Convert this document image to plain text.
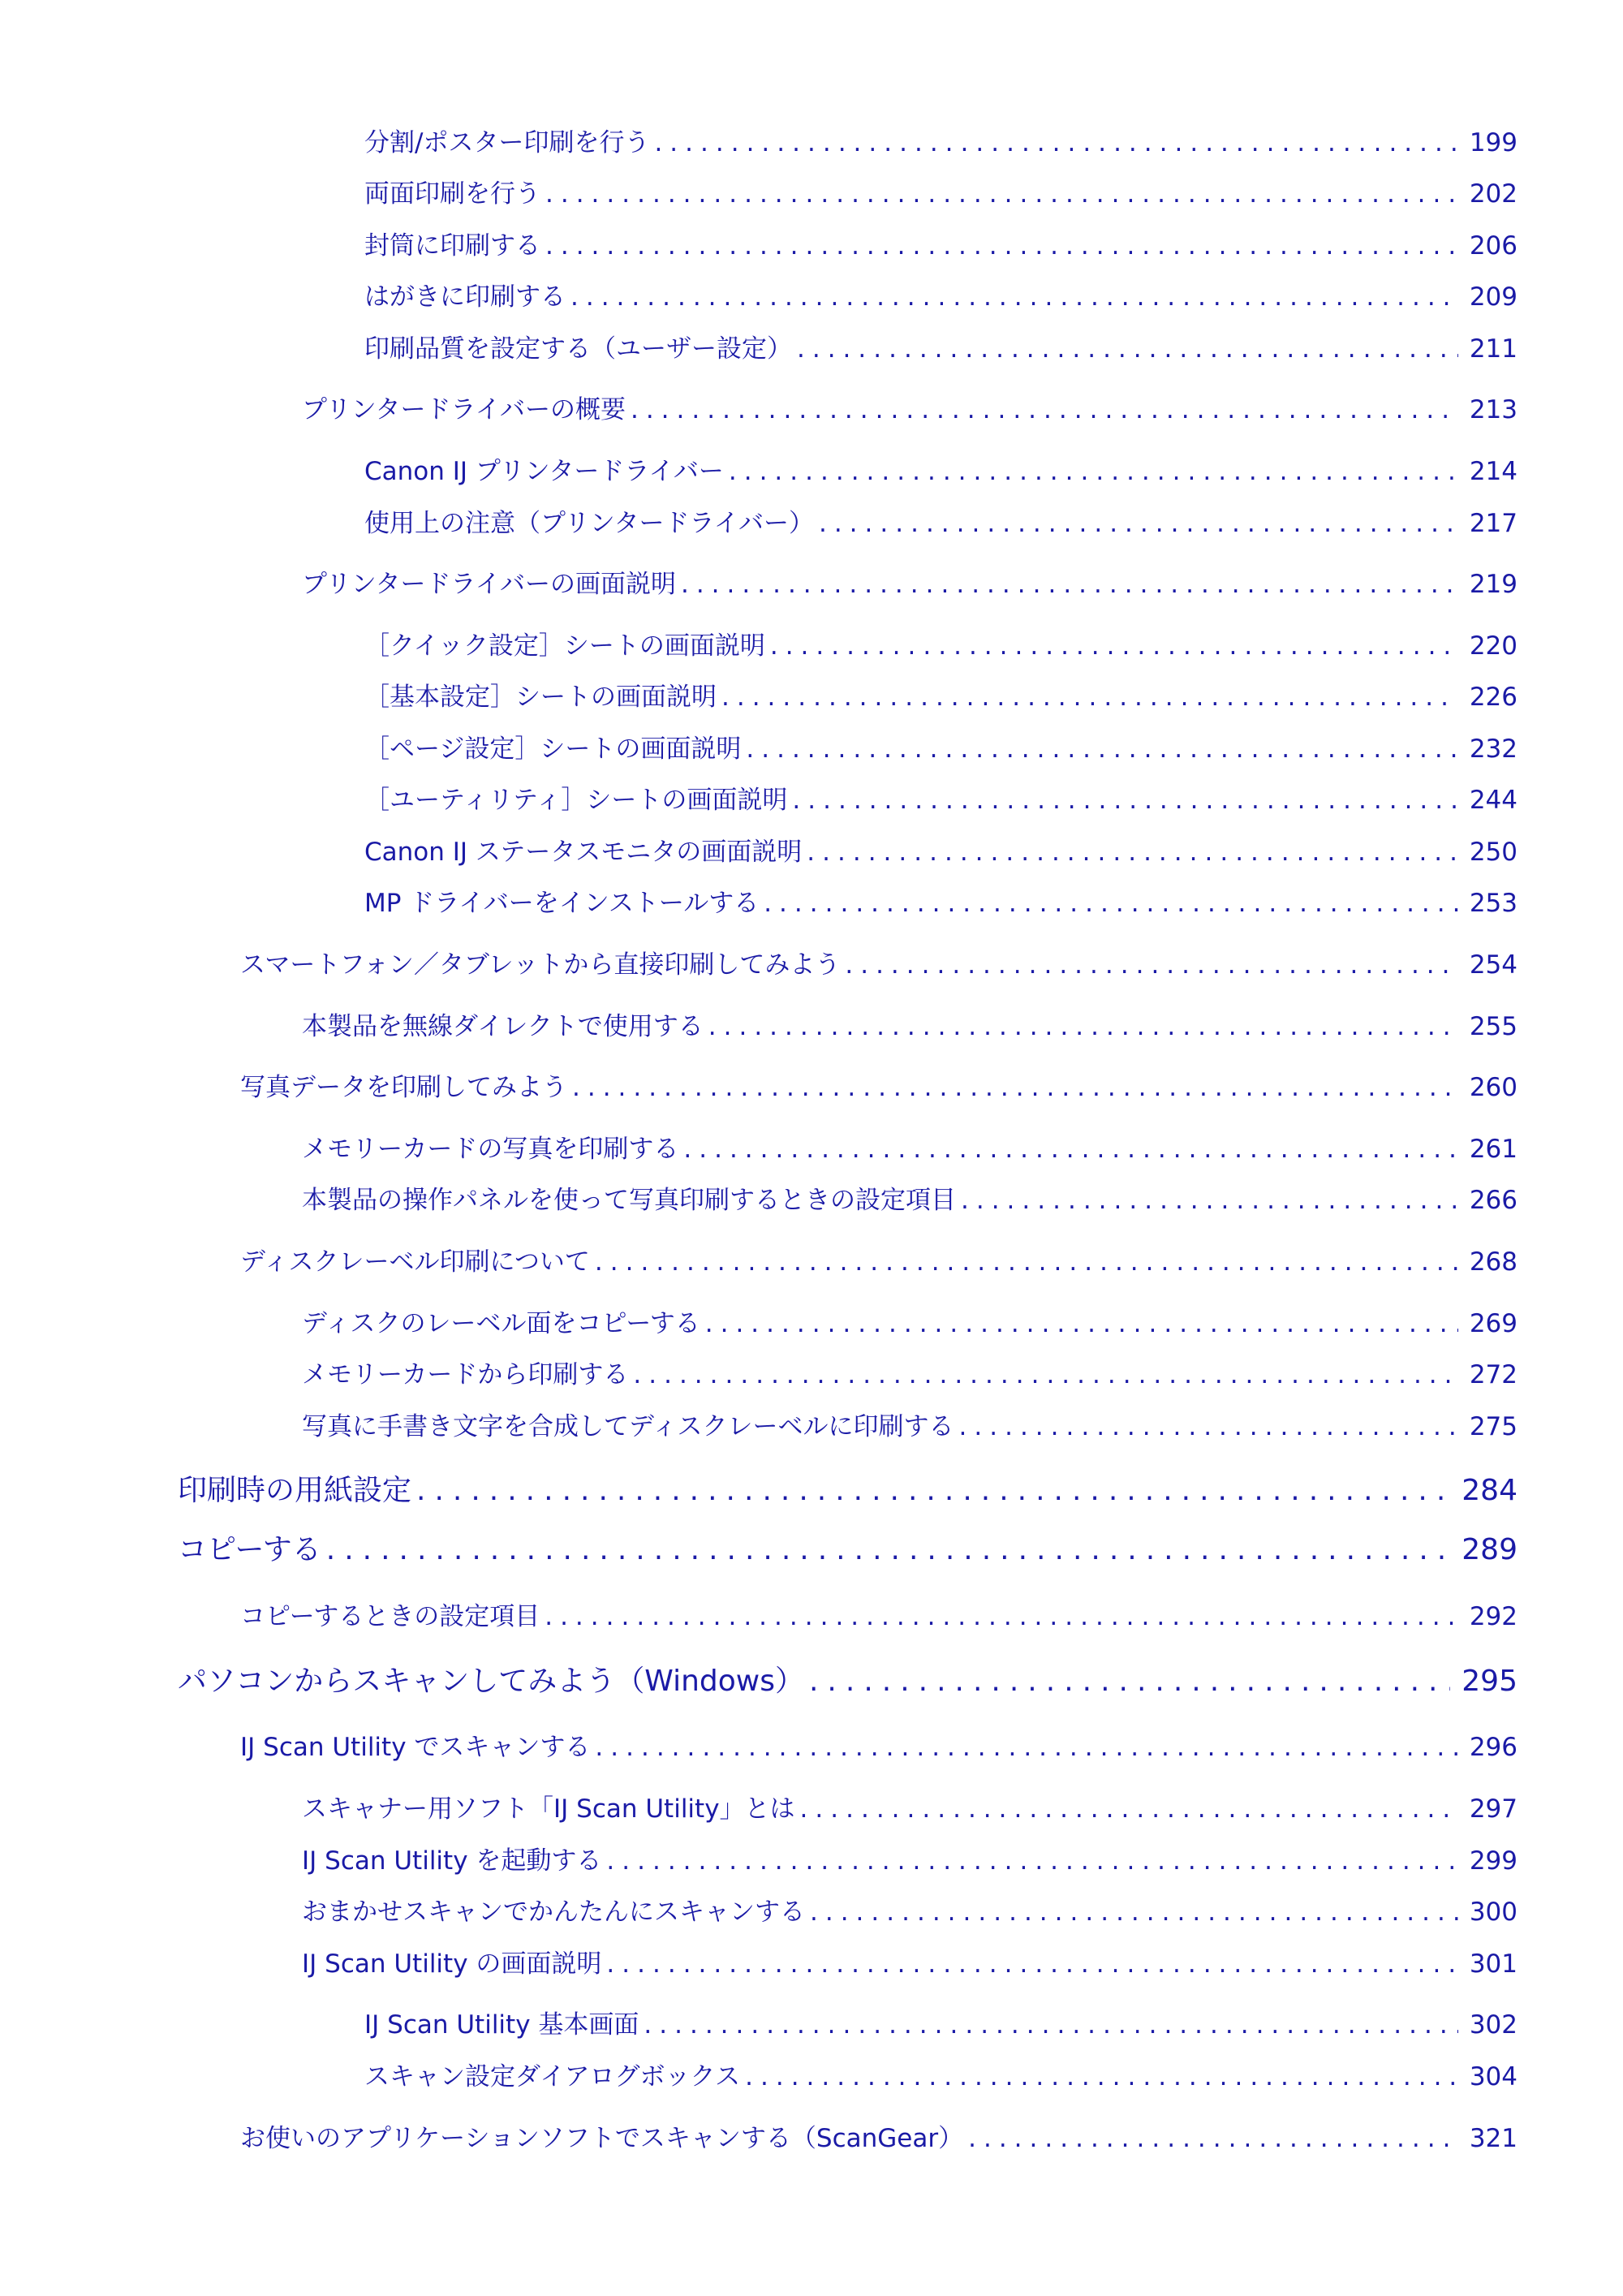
分割/ポスター印刷を行う .....	199
両面印刷を行う .....	202
封筒に印刷する .....	206
はがきに印刷する .....	209
印刷品質を設定する（ユーザー設定） .....	211
プリンタードライバーの概要 .....	213
Canon IJ プリンタードライバー .....	214
使用上の注意（プリンタードライバー） .....	217
プリンタードライバーの画面説明 .....	219
［クイック設定］シートの画面説明 .....	220
［基本設定］シートの画面説明 .....	226
［ページ設定］シートの画面説明 .....	232
［ユーティリティ］シートの画面説明 .....	244
Canon IJ ステータスモニタの画面説明 .....	250
MP ドライバーをインストールする .....	253
スマートフォン／タブレットから直接印刷してみよう .....	254
本製品を無線ダイレクトで使用する .....	255
写真データを印刷してみよう .....	260
メモリーカードの写真を印刷する .....	261
本製品の操作パネルを使って写真印刷するときの設定項目 .....	266
ディスクレーベル印刷について .....	268
ディスクのレーベル面をコピーする .....	269
メモリーカードから印刷する .....	272
写真に手書き文字を合成してディスクレーベルに印刷する .....	275
印刷時の用紙設定 .....	284
コピーする .....	289
コピーするときの設定項目 .....	292
パソコンからスキャンしてみよう（Windows） .....	295
IJ Scan Utility でスキャンする .....	296
スキャナー用ソフト「IJ Scan Utility」とは .....	297
IJ Scan Utility を起動する .....	299
おまかせスキャンでかんたんにスキャンする .....	300
IJ Scan Utility の画面説明 .....	301
IJ Scan Utility 基本画面 .....	302
スキャン設定ダイアログボックス .....	304
お使いのアプリケーションソフトでスキャンする（ScanGear） .....	321
